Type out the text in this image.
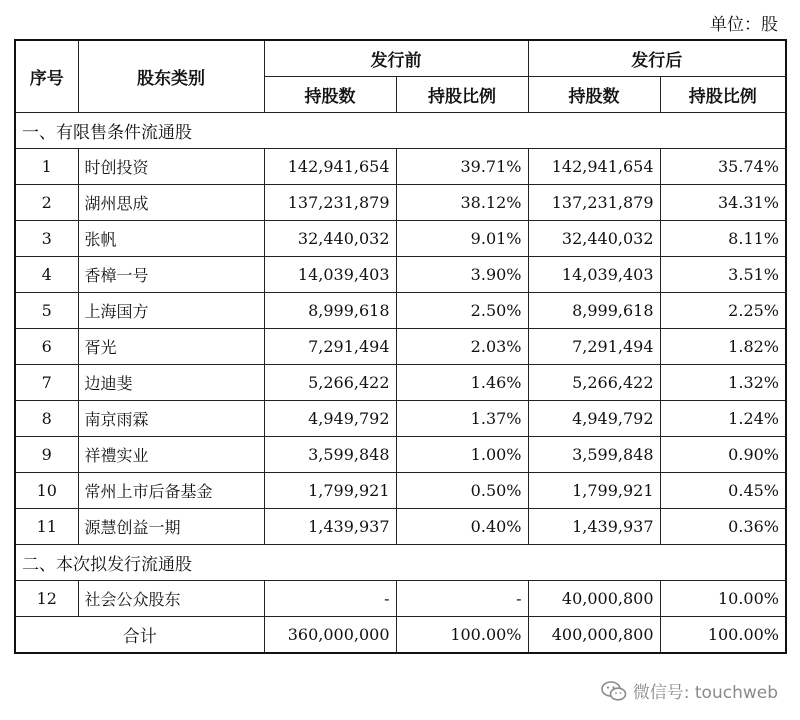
单位：股
序号	股东类别	发行前		发行后	
		持股数	持股比例	持股数	持股比例
一、有限售条件流通股					
1	时创投资	142,941,654	39.71%	142,941,654	35.74%
2	湖州思成	137,231,879	38.12%	137,231,879	34.31%
3	张帆	32,440,032	9.01%	32,440,032	8.11%
4	香樟一号	14,039,403	3.90%	14,039,403	3.51%
5	上海国方	8,999,618	2.50%	8,999,618	2.25%
6	胥光	7,291,494	2.03%	7,291,494	1.82%
7	边迪斐	5,266,422	1.46%	5,266,422	1.32%
8	南京雨霖	4,949,792	1.37%	4,949,792	1.24%
9	祥禮实业	3,599,848	1.00%	3,599,848	0.90%
10	常州上市后备基金	1,799,921	0.50%	1,799,921	0.45%
11	源慧创益一期	1,439,937	0.40%	1,439,937	0.36%
二、本次拟发行流通股					
12	社会公众股东	-	-	40,000,800	10.00%
合计		360,000,000	100.00%	400,000,800	100.00%
微信号: touchweb
